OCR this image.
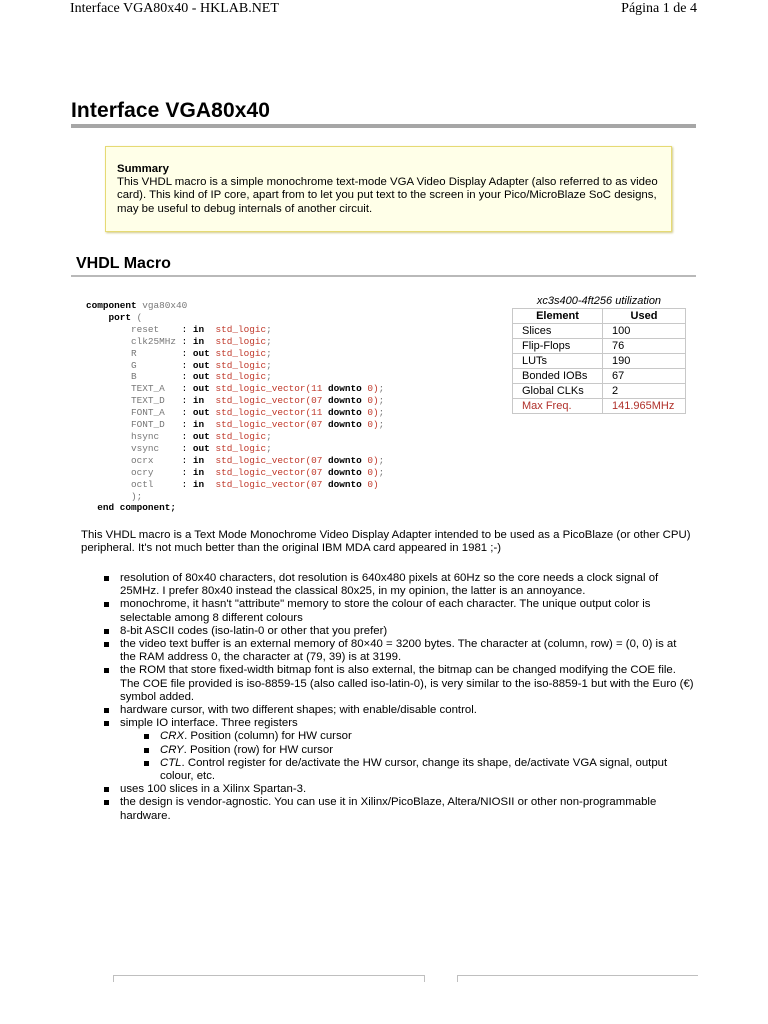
Interface VGA80x40 - HKLAB.NET	Página 1 de 4
Interface VGA80x40
Summary
This VHDL macro is a simple monochrome text-mode VGA Video Display Adapter (also referred to as video
card). This kind of IP core, apart from to let you put text to the screen in your Pico/MicroBlaze SoC designs,
may be useful to debug internals of another circuit.
VHDL Macro
component vga80x40
port (
reset    : in  std_logic;
clk25MHz : in  std_logic;
R        : out std_logic;
G        : out std_logic;
B        : out std_logic;
TEXT_A   : out std_logic_vector(11 downto 0);
TEXT_D   : in  std_logic_vector(07 downto 0);
FONT_A   : out std_logic_vector(11 downto 0);
FONT_D   : in  std_logic_vector(07 downto 0);
hsync    : out std_logic;
vsync    : out std_logic;
ocrx     : in  std_logic_vector(07 downto 0);
ocry     : in  std_logic_vector(07 downto 0);
octl     : in  std_logic_vector(07 downto 0)
);
end component;

xc3s400-4ft256 utilization
Element	Used
Slices	100
Flip-Flops	76
LUTs	190
Bonded IOBs	67
Global CLKs	2
Max Freq.	141.965MHz

This VHDL macro is a Text Mode Monochrome Video Display Adapter intended to be used as a PicoBlaze (or other CPU) peripheral. It's not much better than the original IBM MDA card appeared in 1981 ;-)

resolution of 80x40 characters, dot resolution is 640x480 pixels at 60Hz so the core needs a clock signal of 25MHz. I prefer 80x40 instead the classical 80x25, in my opinion, the latter is an annoyance.
monochrome, it hasn't "attribute" memory to store the colour of each character. The unique output color is selectable among 8 different colours
8-bit ASCII codes (iso-latin-0 or other that you prefer)
the video text buffer is an external memory of 80×40 = 3200 bytes. The character at (column, row) = (0, 0) is at the RAM address 0, the character at (79, 39) is at 3199.
the ROM that store fixed-width bitmap font is also external, the bitmap can be changed modifying the COE file. The COE file provided is iso-8859-15 (also called iso-latin-0), is very similar to the iso-8859-1 but with the Euro (€) symbol added.
hardware cursor, with two different shapes; with enable/disable control.
simple IO interface. Three registers
CRX. Position (column) for HW cursor
CRY. Position (row) for HW cursor
CTL. Control register for de/activate the HW cursor, change its shape, de/activate VGA signal, output colour, etc.
uses 100 slices in a Xilinx Spartan-3.
the design is vendor-agnostic. You can use it in Xilinx/PicoBlaze, Altera/NIOSII or other non-programmable hardware.
